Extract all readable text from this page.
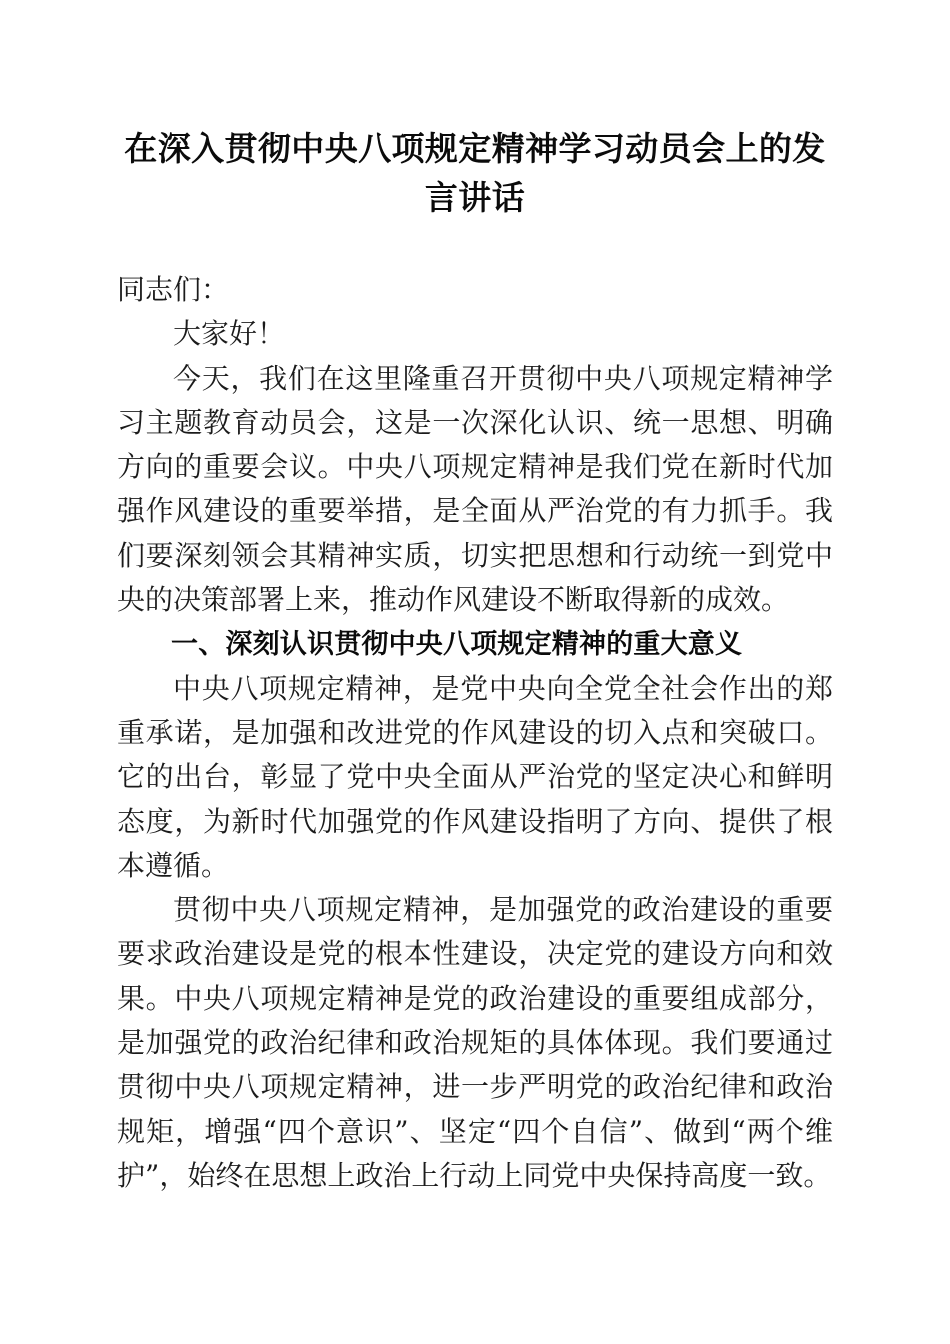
在深入贯彻中央八项规定精神学习动员会上的发言讲话

同志们：

大家好！

今天，我们在这里隆重召开贯彻中央八项规定精神学习主题教育动员会，这是一次深化认识、统一思想、明确方向的重要会议。中央八项规定精神是我们党在新时代加强作风建设的重要举措，是全面从严治党的有力抓手。我们要深刻领会其精神实质，切实把思想和行动统一到党中央的决策部署上来，推动作风建设不断取得新的成效。

一、深刻认识贯彻中央八项规定精神的重大意义

中央八项规定精神，是党中央向全党全社会作出的郑重承诺，是加强和改进党的作风建设的切入点和突破口。它的出台，彰显了党中央全面从严治党的坚定决心和鲜明态度，为新时代加强党的作风建设指明了方向、提供了根本遵循。

贯彻中央八项规定精神，是加强党的政治建设的重要要求政治建设是党的根本性建设，决定党的建设方向和效果。中央八项规定精神是党的政治建设的重要组成部分，是加强党的政治纪律和政治规矩的具体体现。我们要通过贯彻中央八项规定精神，进一步严明党的政治纪律和政治规矩，增强“四个意识”、坚定“四个自信”、做到“两个维护”，始终在思想上政治上行动上同党中央保持高度一致。
